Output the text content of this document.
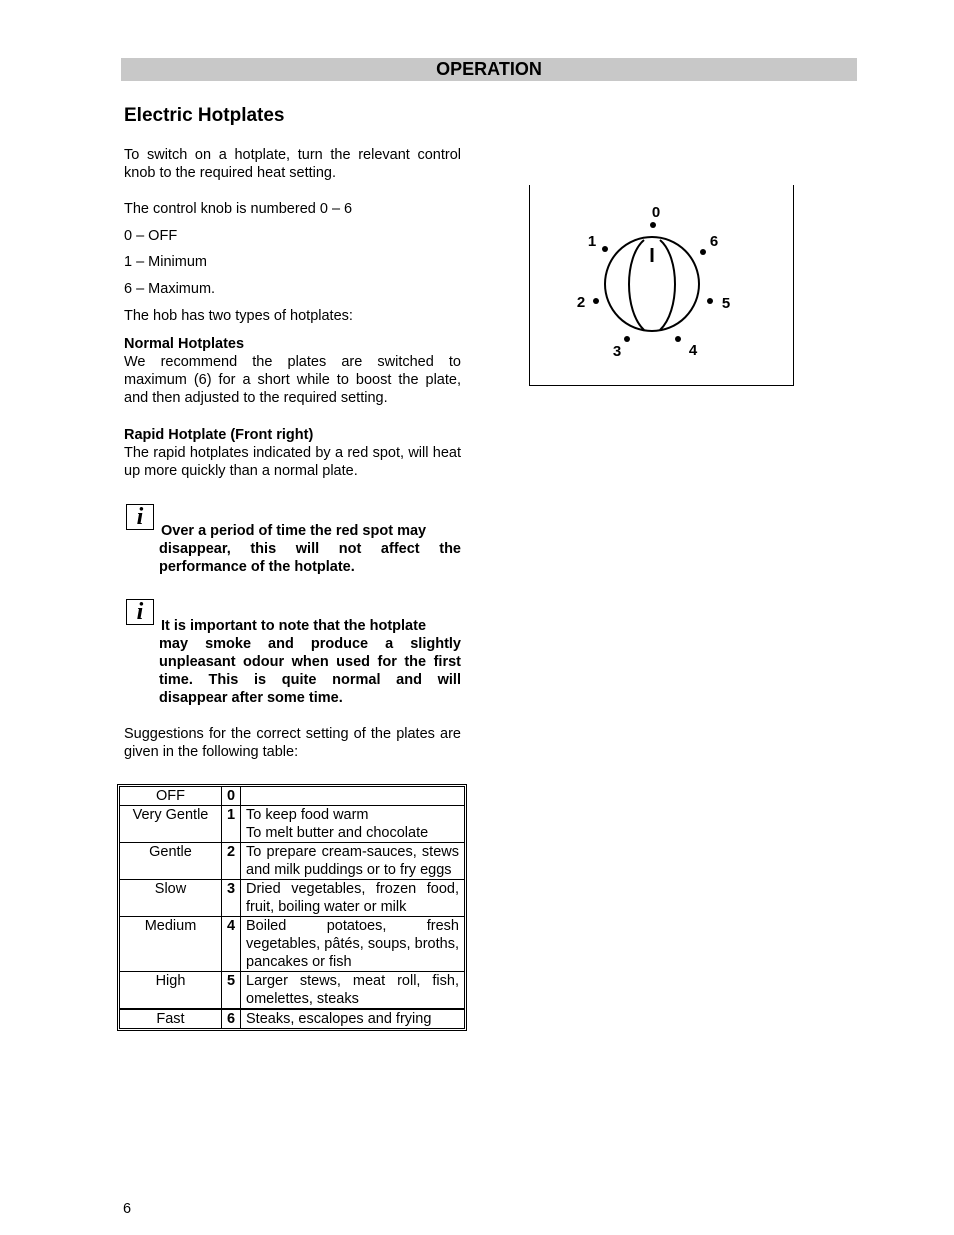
OPERATION
Electric Hotplates

To switch on a hotplate, turn the relevant control knob to the required heat setting.

The control knob is numbered 0 – 6

0 – OFF

1 – Minimum

6 – Maximum.

The hob has two types of hotplates:

Normal Hotplates

We recommend the plates are switched to maximum (6) for a short while to boost the plate, and then adjusted to the required setting.

Rapid Hotplate (Front right)

The rapid hotplates indicated by a red spot, will heat up more quickly than a normal plate.

i
Over a period of time the red spot may
disappear, this will not affect the performance of the hotplate.
i
It is important to note that the hotplate
may smoke and produce a slightly unpleasant odour when used for the first time. This is quite normal and will disappear after some time.

Suggestions for the correct setting of the plates are given in the following table:

OFF	0	
Very Gentle	1	To keep food warm
To melt butter and chocolate
Gentle	2	To prepare cream-sauces, stews and milk puddings or to fry eggs
Slow	3	Dried vegetables, frozen food, fruit, boiling water or milk
Medium	4	Boiled potatoes, fresh vegetables, pâtés, soups, broths, pancakes or fish
High	5	Larger stews, meat roll, fish, omelettes, steaks
Fast	6	Steaks, escalopes and frying
I
0
1
2
3	4
5
6
6
